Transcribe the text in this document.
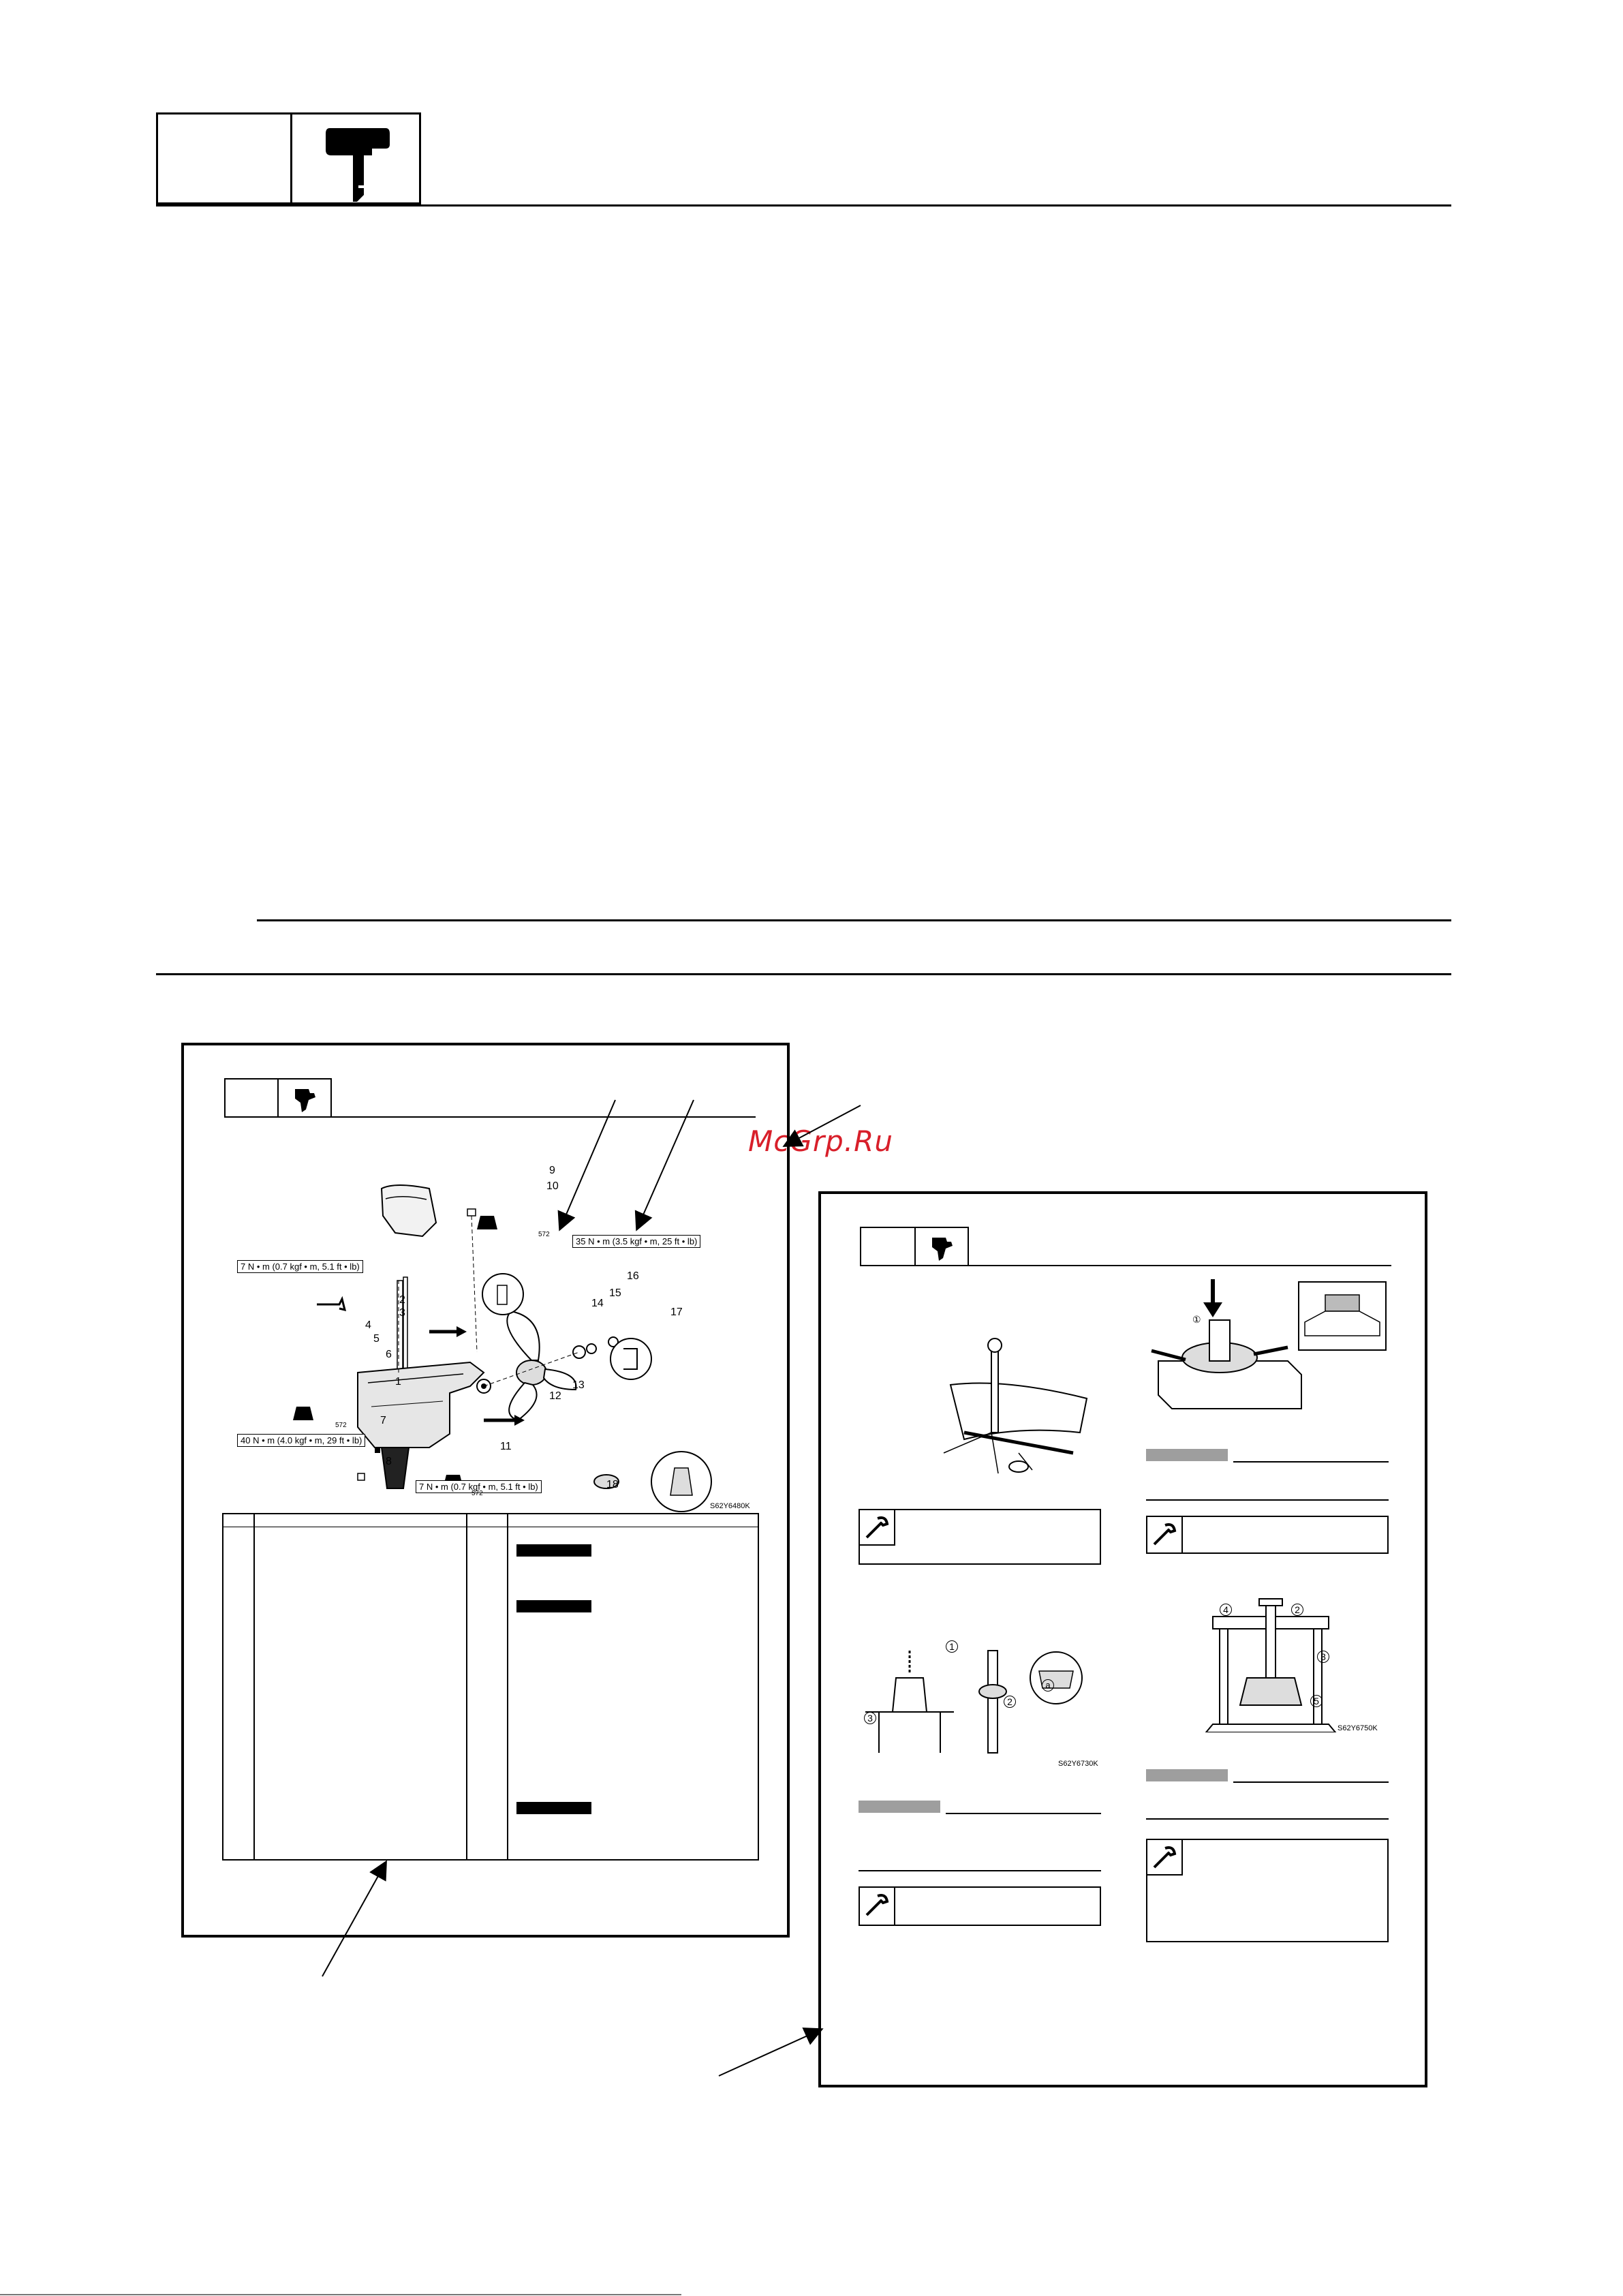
McGrp.Ru
7 N • m (0.7 kgf • m, 5.1 ft • lb)
35 N • m (3.5 kgf • m, 25 ft • lb)
40 N • m (4.0 kgf • m, 29 ft • lb)
7 N • m (0.7 kgf • m, 5.1 ft • lb)
572
572
572
1
2
3
4
5
6
7
8
9
10
11
12
13
14
15
16
17
18
S62Y6480K
①
1
2
3
a
S62Y6730K
4	2
3
5
S62Y6750K
